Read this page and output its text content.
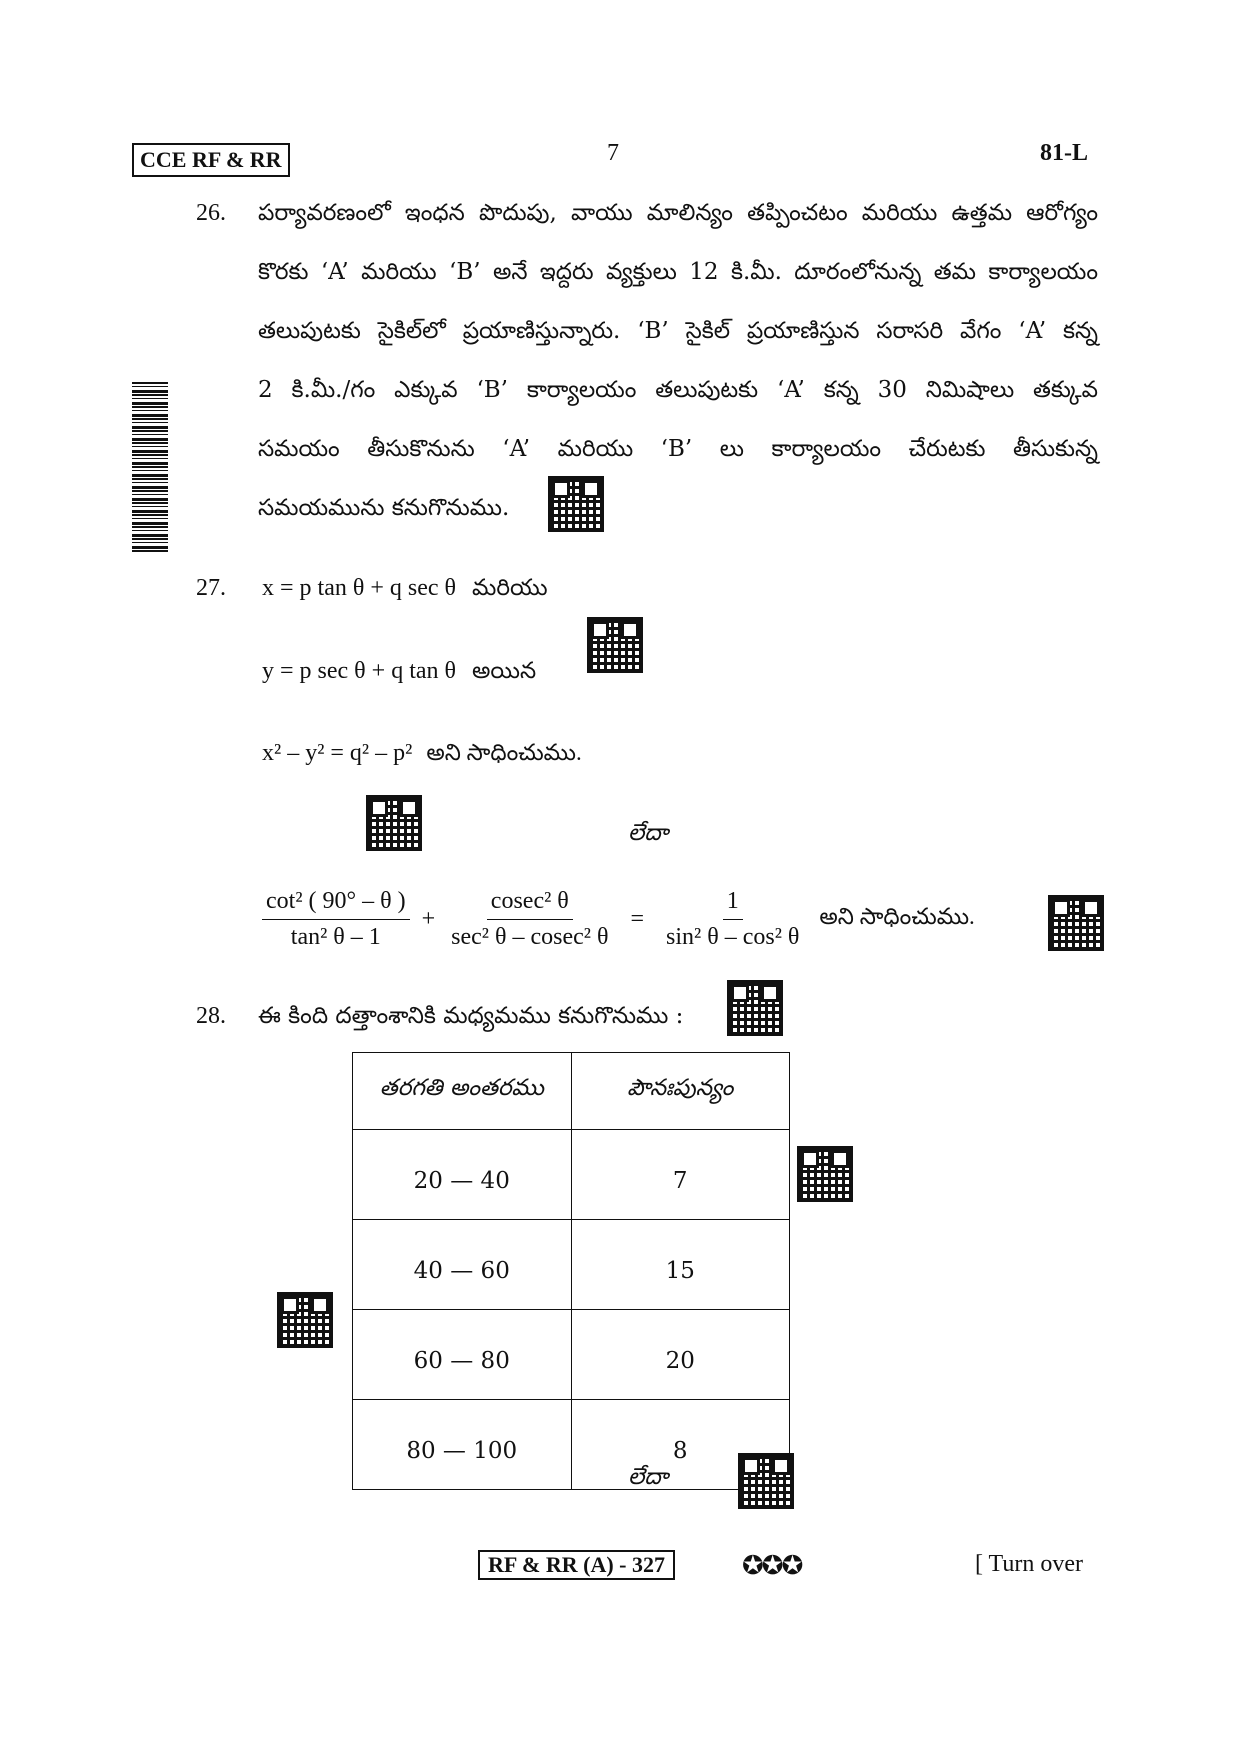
CCE RF & RR	7	81-L
26. పర్యావరణంలో ఇంధన పొదుపు, వాయు మాలిన్యం తప్పించటం మరియు ఉత్తమ ఆరోగ్యం
కొరకు ‘A’ మరియు ‘B’ అనే ఇద్దరు వ్యక్తులు 12 కి.మీ. దూరంలోనున్న తమ కార్యాలయం
తలుపుటకు సైకిల్‌లో ప్రయాణిస్తున్నారు. ‘B’ సైకిల్ ప్రయాణిస్తున సరాసరి వేగం ‘A’ కన్న
2 కి.మీ./గం ఎక్కువ ‘B’ కార్యాలయం తలుపుటకు ‘A’ కన్న 30 నిమిషాలు తక్కువ
సమయం తీసుకొనును ‘A’ మరియు ‘B’ లు కార్యాలయం చేరుటకు తీసుకున్న
సమయమును కనుగొనుము.
27. x = p tan θ + q sec θ మరియు
y = p sec θ + q tan θ అయిన
x² – y² = q² – p² అని సాధించుము.
లేదా
$\frac{\text{cot² ( 90° – θ )}}{\text{tan² θ – 1}} + \frac{\text{cosec² θ}}{\text{sec² θ – cosec² θ}} = \frac{1}{\text{sin² θ – cos² θ}}$ అని సాధించుము.
28. ఈ కింది దత్తాంశానికి మధ్యమము కనుగొనుము :
తరగతి అంతరము	పౌనఃపున్యం
20 — 40	7
40 — 60	15
60 — 80	20
80 — 100	8
లేదా
RF & RR (A) - 327	✪✪✪	[ Turn over
